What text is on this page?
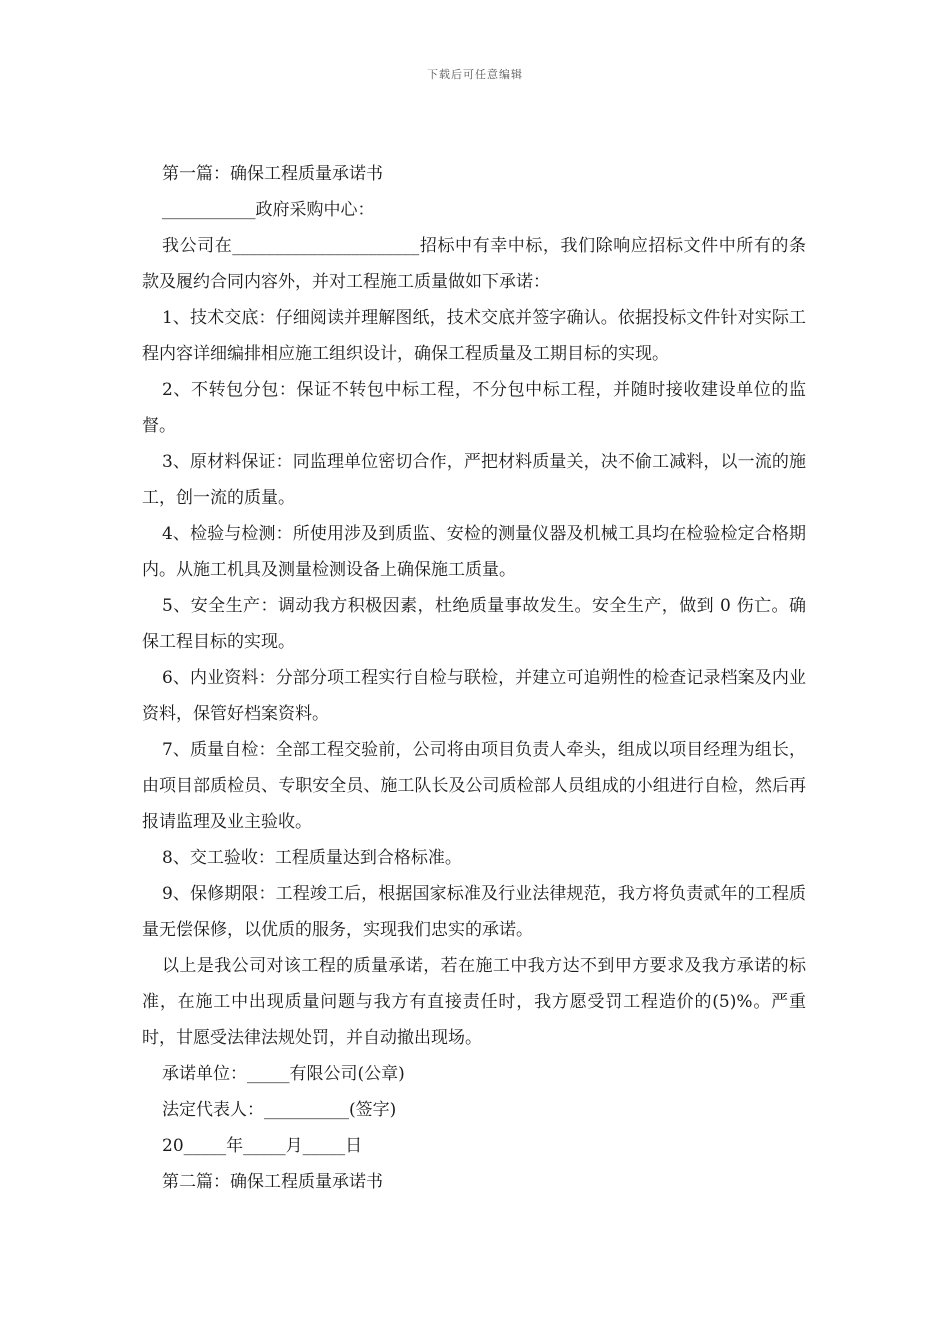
下载后可任意编辑

第一篇：确保工程质量承诺书

___________政府采购中心：

我公司在______________________招标中有幸中标，我们除响应招标文件中所有的条款及履约合同内容外，并对工程施工质量做如下承诺：

1、技术交底：仔细阅读并理解图纸，技术交底并签字确认。依据投标文件针对实际工程内容详细编排相应施工组织设计，确保工程质量及工期目标的实现。

2、不转包分包：保证不转包中标工程，不分包中标工程，并随时接收建设单位的监督。

3、原材料保证：同监理单位密切合作，严把材料质量关，决不偷工减料，以一流的施工，创一流的质量。

4、检验与检测：所使用涉及到质监、安检的测量仪器及机械工具均在检验检定合格期内。从施工机具及测量检测设备上确保施工质量。

5、安全生产：调动我方积极因素，杜绝质量事故发生。安全生产，做到 0 伤亡。确保工程目标的实现。

6、内业资料：分部分项工程实行自检与联检，并建立可追朔性的检查记录档案及内业资料，保管好档案资料。

7、质量自检：全部工程交验前，公司将由项目负责人牵头，组成以项目经理为组长，由项目部质检员、专职安全员、施工队长及公司质检部人员组成的小组进行自检，然后再报请监理及业主验收。

8、交工验收：工程质量达到合格标准。

9、保修期限：工程竣工后，根据国家标准及行业法律规范，我方将负责贰年的工程质量无偿保修，以优质的服务，实现我们忠实的承诺。

以上是我公司对该工程的质量承诺，若在施工中我方达不到甲方要求及我方承诺的标准，在施工中出现质量问题与我方有直接责任时，我方愿受罚工程造价的(5)%。严重时，甘愿受法律法规处罚，并自动撤出现场。

承诺单位：_____有限公司(公章)

法定代表人：__________(签字)

20_____年_____月_____日

第二篇：确保工程质量承诺书
